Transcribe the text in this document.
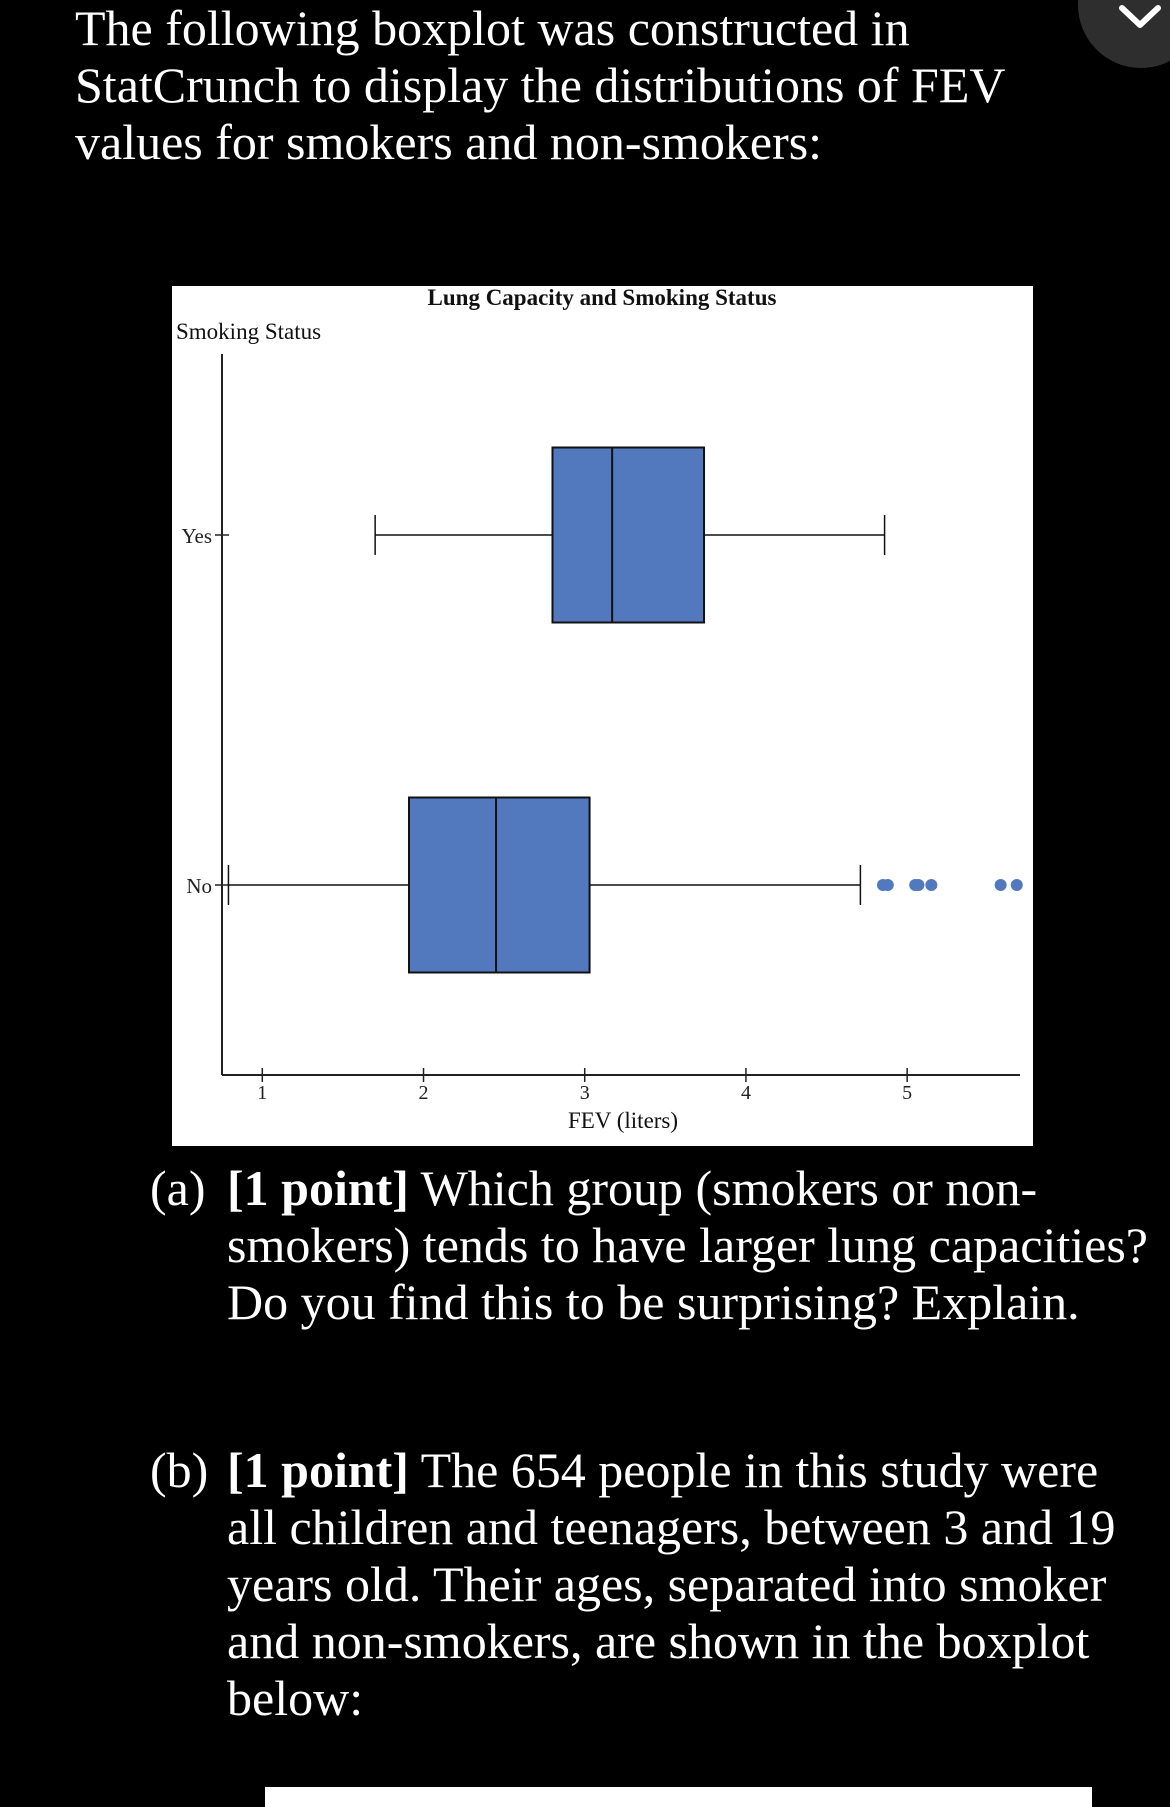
The following boxplot was constructed in StatCrunch to display the distributions of FEV values for smokers and non-smokers:

Lung Capacity and Smoking Status
Smoking Status
FEV (liters)
1	2	3	4	5
Yes
No
(a) [1 point] Which group (smokers or non-smokers) tends to have larger lung capacities? Do you find this to be surprising? Explain.
(b) [1 point] The 654 people in this study were all children and teenagers, between 3 and 19 years old. Their ages, separated into smoker and non-smokers, are shown in the boxplot below:
